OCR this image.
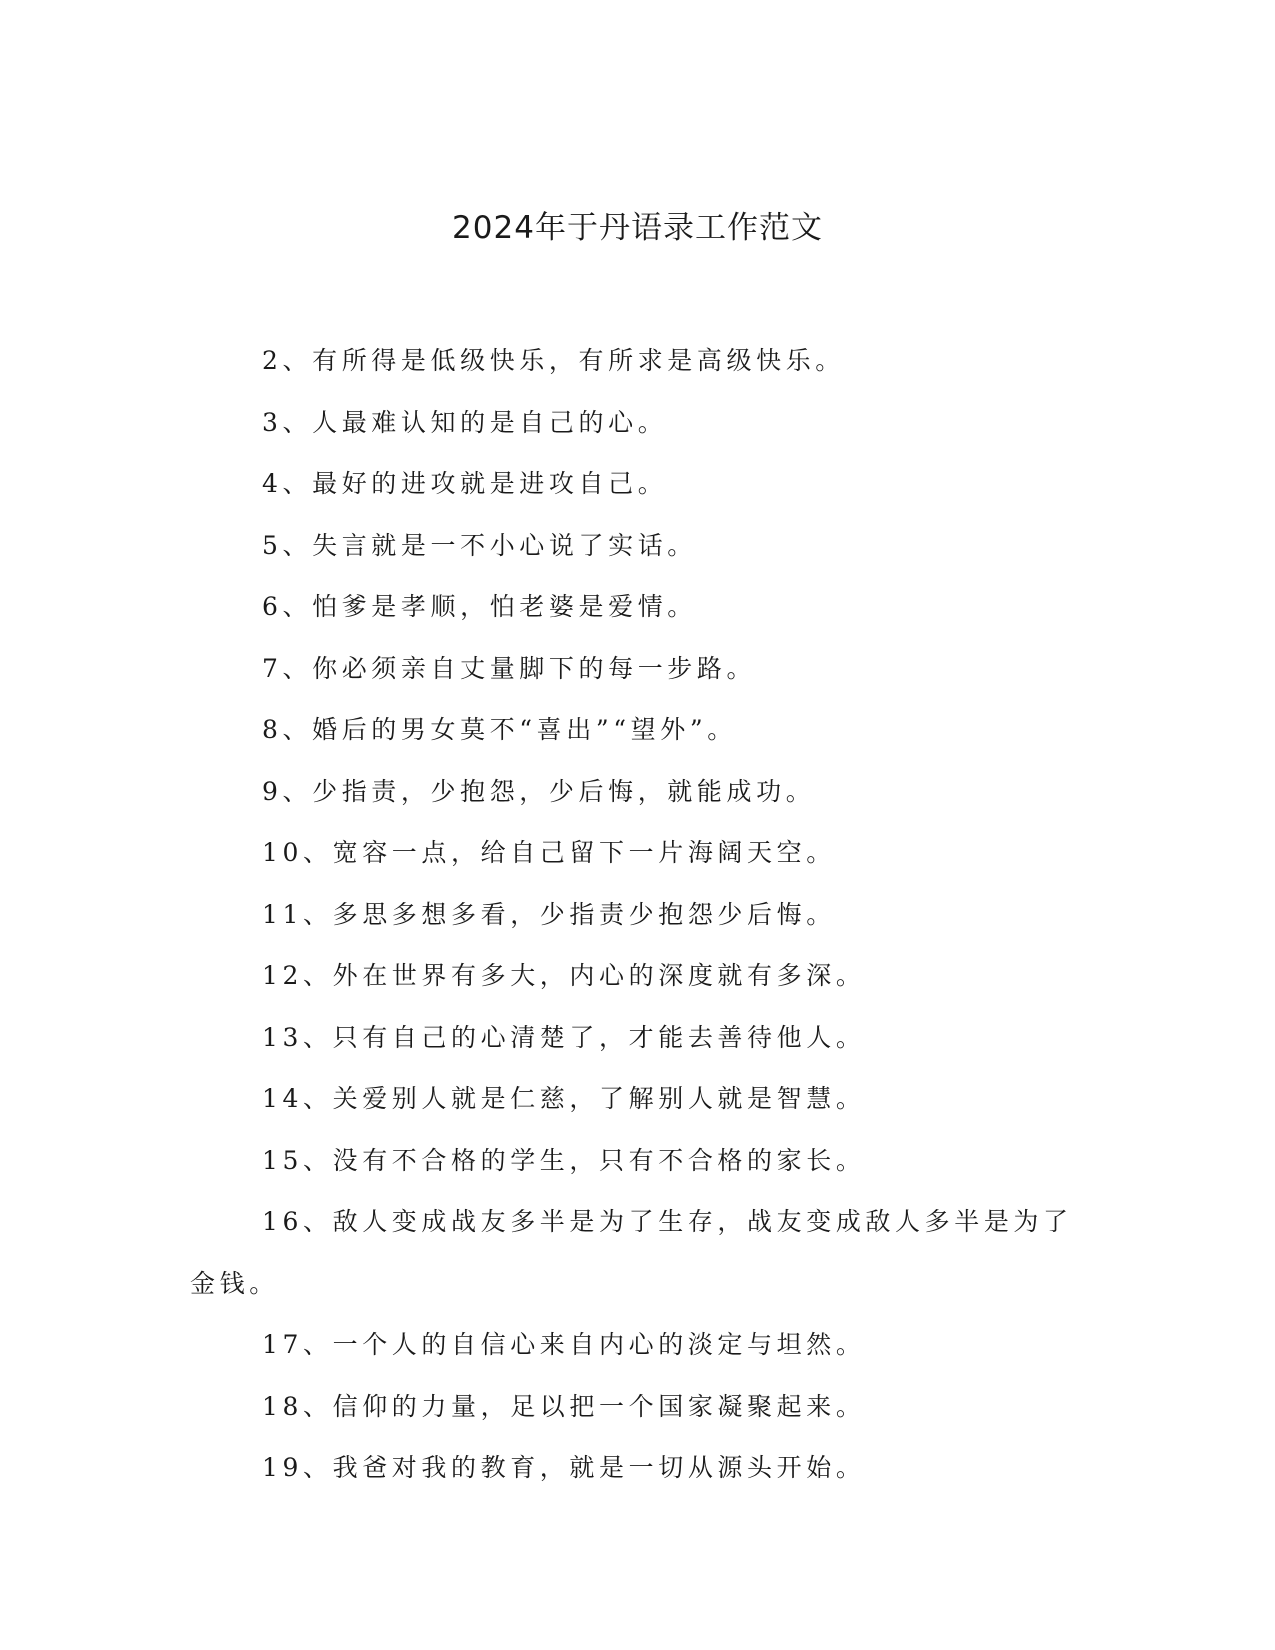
2024年于丹语录工作范文

2、有所得是低级快乐，有所求是高级快乐。

3、人最难认知的是自己的心。

4、最好的进攻就是进攻自己。

5、失言就是一不小心说了实话。

6、怕爹是孝顺，怕老婆是爱情。

7、你必须亲自丈量脚下的每一步路。

8、婚后的男女莫不“喜出”“望外”。

9、少指责，少抱怨，少后悔，就能成功。

10、宽容一点，给自己留下一片海阔天空。

11、多思多想多看，少指责少抱怨少后悔。

12、外在世界有多大，内心的深度就有多深。

13、只有自己的心清楚了，才能去善待他人。

14、关爱别人就是仁慈，了解别人就是智慧。

15、没有不合格的学生，只有不合格的家长。

16、敌人变成战友多半是为了生存，战友变成敌人多半是为了金钱。

17、一个人的自信心来自内心的淡定与坦然。

18、信仰的力量，足以把一个国家凝聚起来。

19、我爸对我的教育，就是一切从源头开始。
